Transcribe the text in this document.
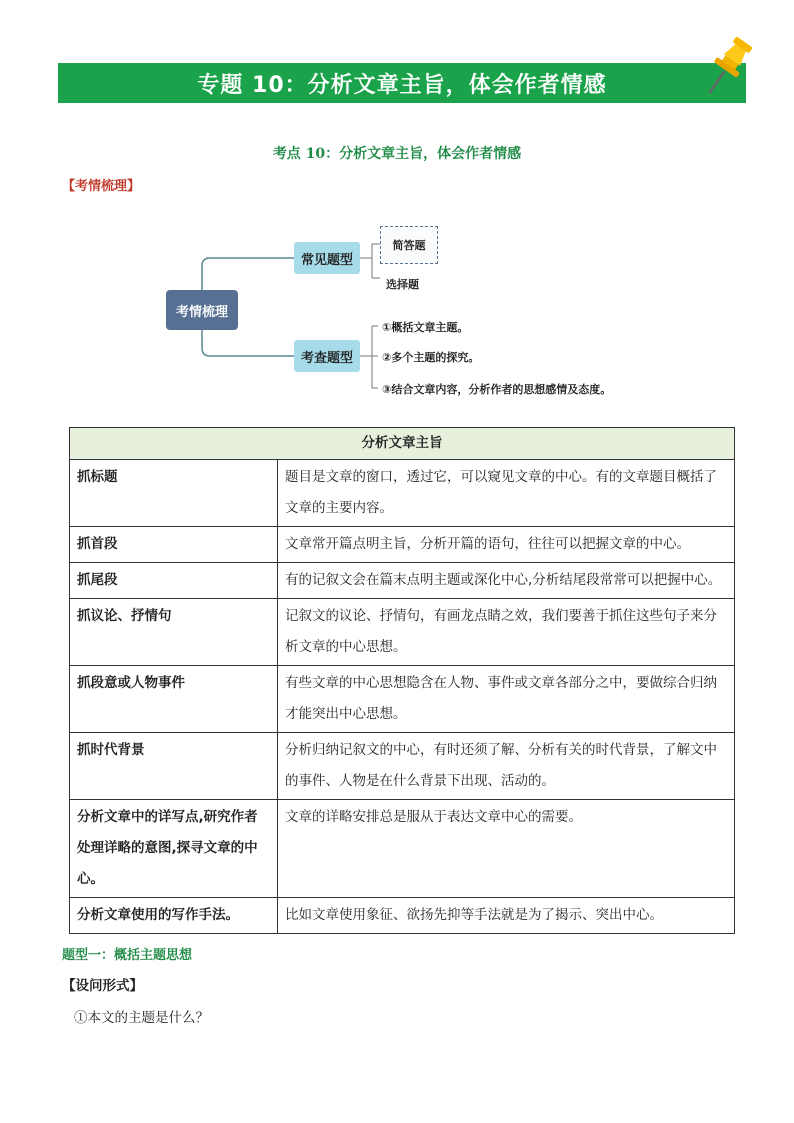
专题 10：分析文章主旨，体会作者情感
考点 10：分析文章主旨，体会作者情感
【考情梳理】
考情梳理
常见题型
考查题型
简答题
选择题
①概括文章主题。
②多个主题的探究。
③结合文章内容，分析作者的思想感情及态度。
分析文章主旨	
抓标题	题目是文章的窗口，透过它，可以窥见文章的中心。有的文章题目概括了文章的主要内容。
抓首段	文章常开篇点明主旨，分析开篇的语句，往往可以把握文章的中心。
抓尾段	有的记叙文会在篇末点明主题或深化中心,分析结尾段常常可以把握中心。
抓议论、抒情句	记叙文的议论、抒情句，有画龙点睛之效，我们要善于抓住这些句子来分析文章的中心思想。
抓段意或人物事件	有些文章的中心思想隐含在人物、事件或文章各部分之中，要做综合归纳才能突出中心思想。
抓时代背景	分析归纳记叙文的中心，有时还须了解、分析有关的时代背景，了解文中的事件、人物是在什么背景下出现、活动的。
分析文章中的详写点,研究作者处理详略的意图,探寻文章的中心。	文章的详略安排总是服从于表达文章中心的需要。
分析文章使用的写作手法。	比如文章使用象征、欲扬先抑等手法就是为了揭示、突出中心。
题型一：概括主题思想
【设问形式】
①本文的主题是什么？
